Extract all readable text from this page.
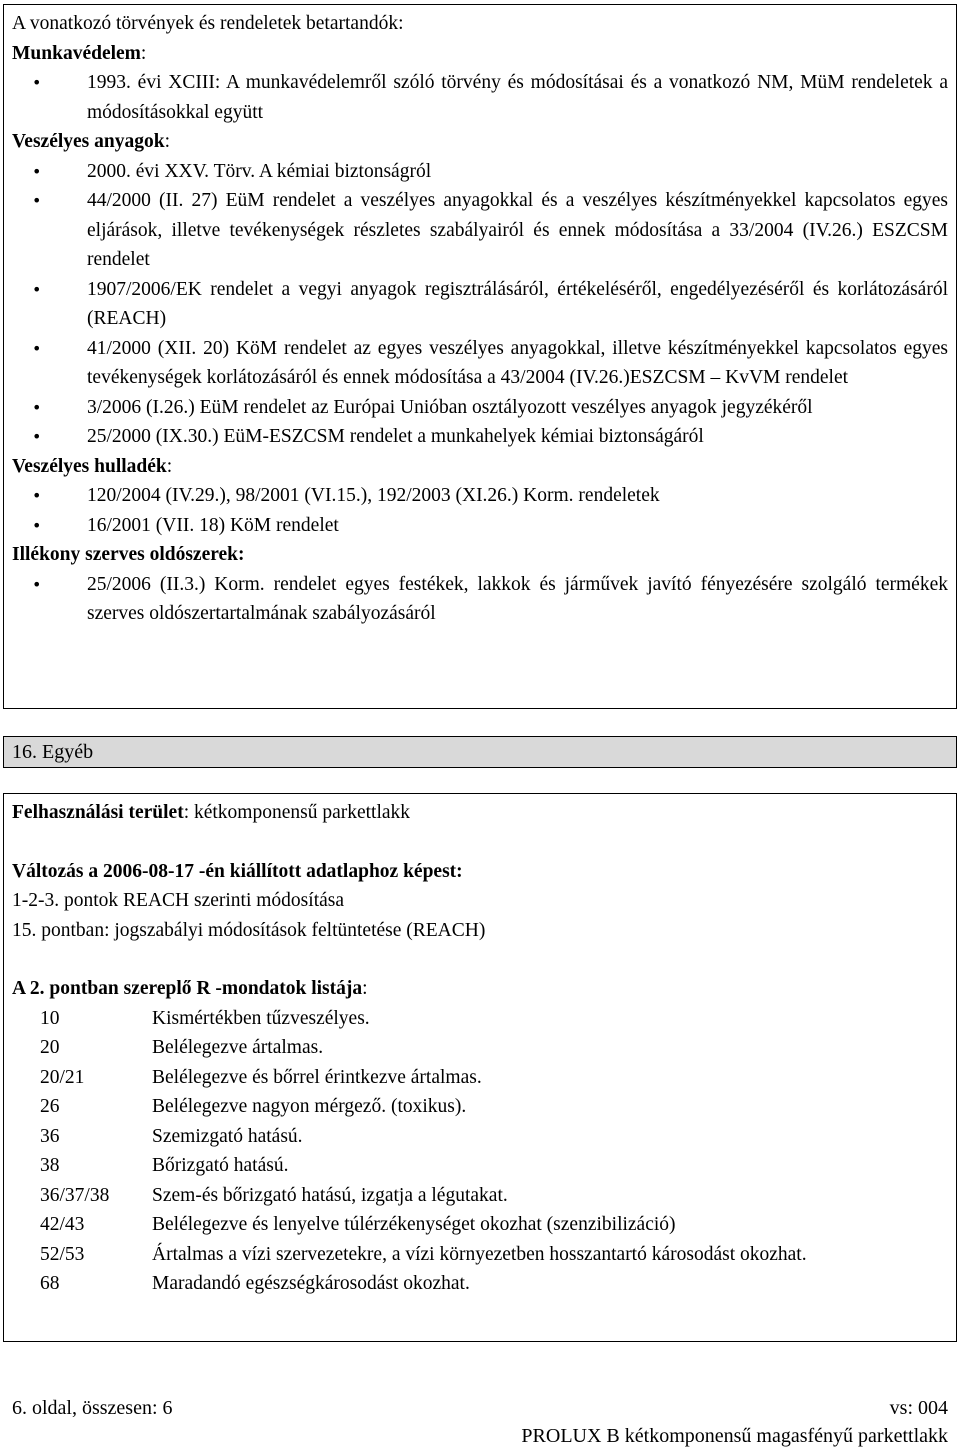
A vonatkozó törvények és rendeletek betartandók:

Munkavédelem:

• 1993. évi XCIII: A munkavédelemről szóló törvény és módosításai és a vonatkozó NM, MüM rendeletek a módosításokkal együtt

Veszélyes anyagok:

• 2000. évi XXV. Törv. A kémiai biztonságról
• 44/2000 (II. 27) EüM rendelet a veszélyes anyagokkal és a veszélyes készítményekkel kapcsolatos egyes eljárások, illetve tevékenységek részletes szabályairól és ennek módosítása a 33/2004 (IV.26.) ESZCSM rendelet
• 1907/2006/EK rendelet a vegyi anyagok regisztrálásáról, értékeléséről, engedélyezéséről és korlátozásáról (REACH)
• 41/2000 (XII. 20) KöM rendelet az egyes veszélyes anyagokkal, illetve készítményekkel kapcsolatos egyes tevékenységek korlátozásáról és ennek módosítása a 43/2004 (IV.26.)ESZCSM – KvVM rendelet
• 3/2006 (I.26.) EüM rendelet az Európai Unióban osztályozott veszélyes anyagok jegyzékéről
• 25/2000 (IX.30.) EüM-ESZCSM rendelet a munkahelyek kémiai biztonságáról

Veszélyes hulladék:

• 120/2004 (IV.29.), 98/2001 (VI.15.), 192/2003 (XI.26.) Korm. rendeletek
• 16/2001 (VII. 18) KöM rendelet

Illékony szerves oldószerek:

• 25/2006 (II.3.) Korm. rendelet egyes festékek, lakkok és járművek javító fényezésére szolgáló termékek szerves oldószertartalmának szabályozásáról
16. Egyéb

Felhasználási terület: kétkomponensű parkettlakk

Változás a 2006-08-17 -én kiállított adatlaphoz képest:

1-2-3. pontok REACH szerinti módosítása

15. pontban: jogszabályi módosítások feltüntetése (REACH)

A 2. pontban szereplő R -mondatok listája:

10	Kismértékben tűzveszélyes.
20	Belélegezve ártalmas.
20/21	Belélegezve és bőrrel érintkezve ártalmas.
26	Belélegezve nagyon mérgező. (toxikus).
36	Szemizgató hatású.
38	Bőrizgató hatású.
36/37/38	Szem-és bőrizgató hatású, izgatja a légutakat.
42/43	Belélegezve és lenyelve túlérzékenységet okozhat (szenzibilizáció)
52/53	Ártalmas a vízi szervezetekre, a vízi környezetben hosszantartó károsodást okozhat.
68	Maradandó egészségkárosodást okozhat.
6. oldal, összesen: 6	vs: 004
PROLUX B kétkomponensű magasfényű parkettlakk
